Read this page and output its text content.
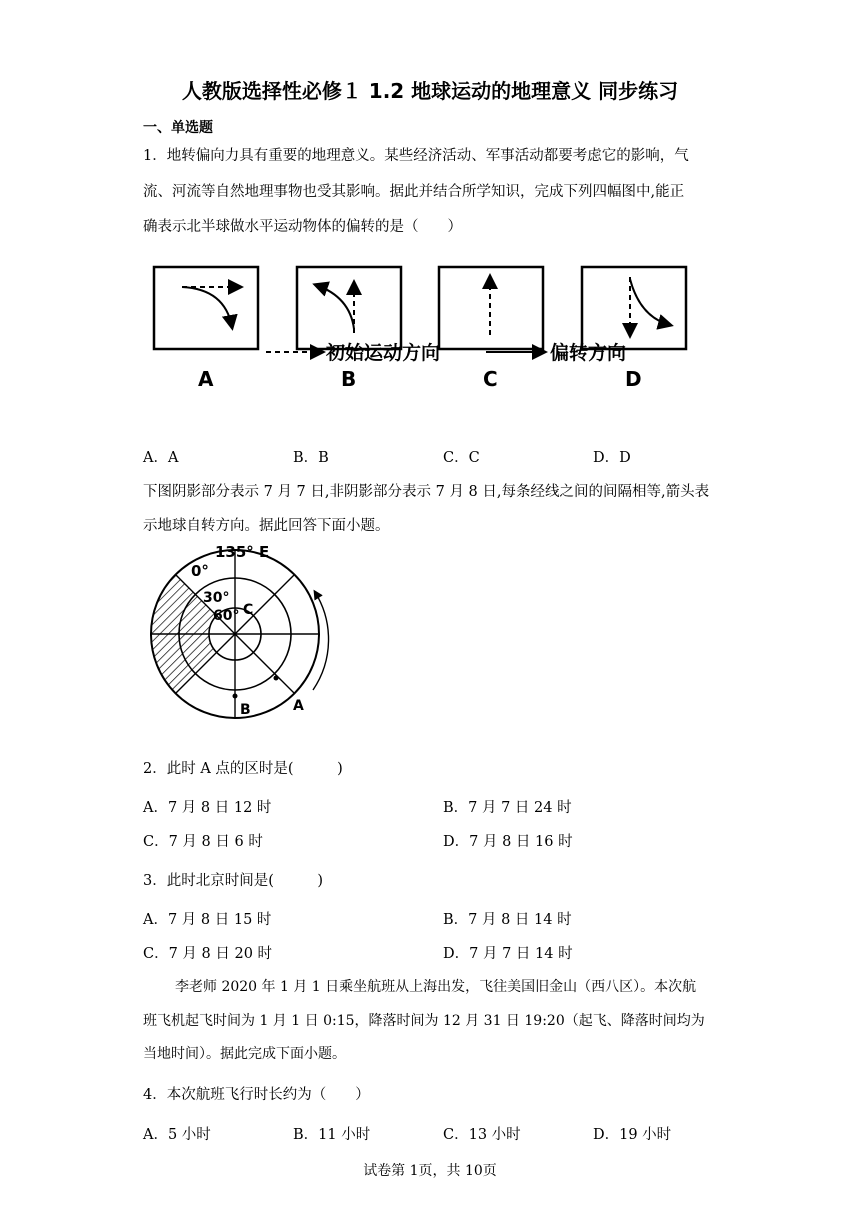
人教版选择性必修１ 1.2 地球运动的地理意义 同步练习
一、单选题
1．地转偏向力具有重要的地理意义。某些经济活动、军事活动都要考虑它的影响，气
流、河流等自然地理事物也受其影响。据此并结合所学知识，完成下列四幅图中,能正
确表示北半球做水平运动物体的偏转的是（　　）
初始运动方向	偏转方向
A	B	C	D
A．A	B．B	C．C	D．D
下图阴影部分表示 7 月 7 日,非阴影部分表示 7 月 8 日,每条经线之间的间隔相等,箭头表
示地球自转方向。据此回答下面小题。
135° E
0°
30°
60° C
B	A
2．此时 A 点的区时是(　　　)
A．7 月 8 日 12 时	B．7 月 7 日 24 时
C．7 月 8 日 6 时	D．7 月 8 日 16 时
3．此时北京时间是(　　　)
A．7 月 8 日 15 时	B．7 月 8 日 14 时
C．7 月 8 日 20 时	D．7 月 7 日 14 时
李老师 2020 年 1 月 1 日乘坐航班从上海出发，飞往美国旧金山（西八区）。本次航
班飞机起飞时间为 1 月 1 日 0:15，降落时间为 12 月 31 日 19:20（起飞、降落时间均为
当地时间）。据此完成下面小题。
4．本次航班飞行时长约为（　　）
A．5 小时	B．11 小时	C．13 小时	D．19 小时
试卷第 1页，共 10页
